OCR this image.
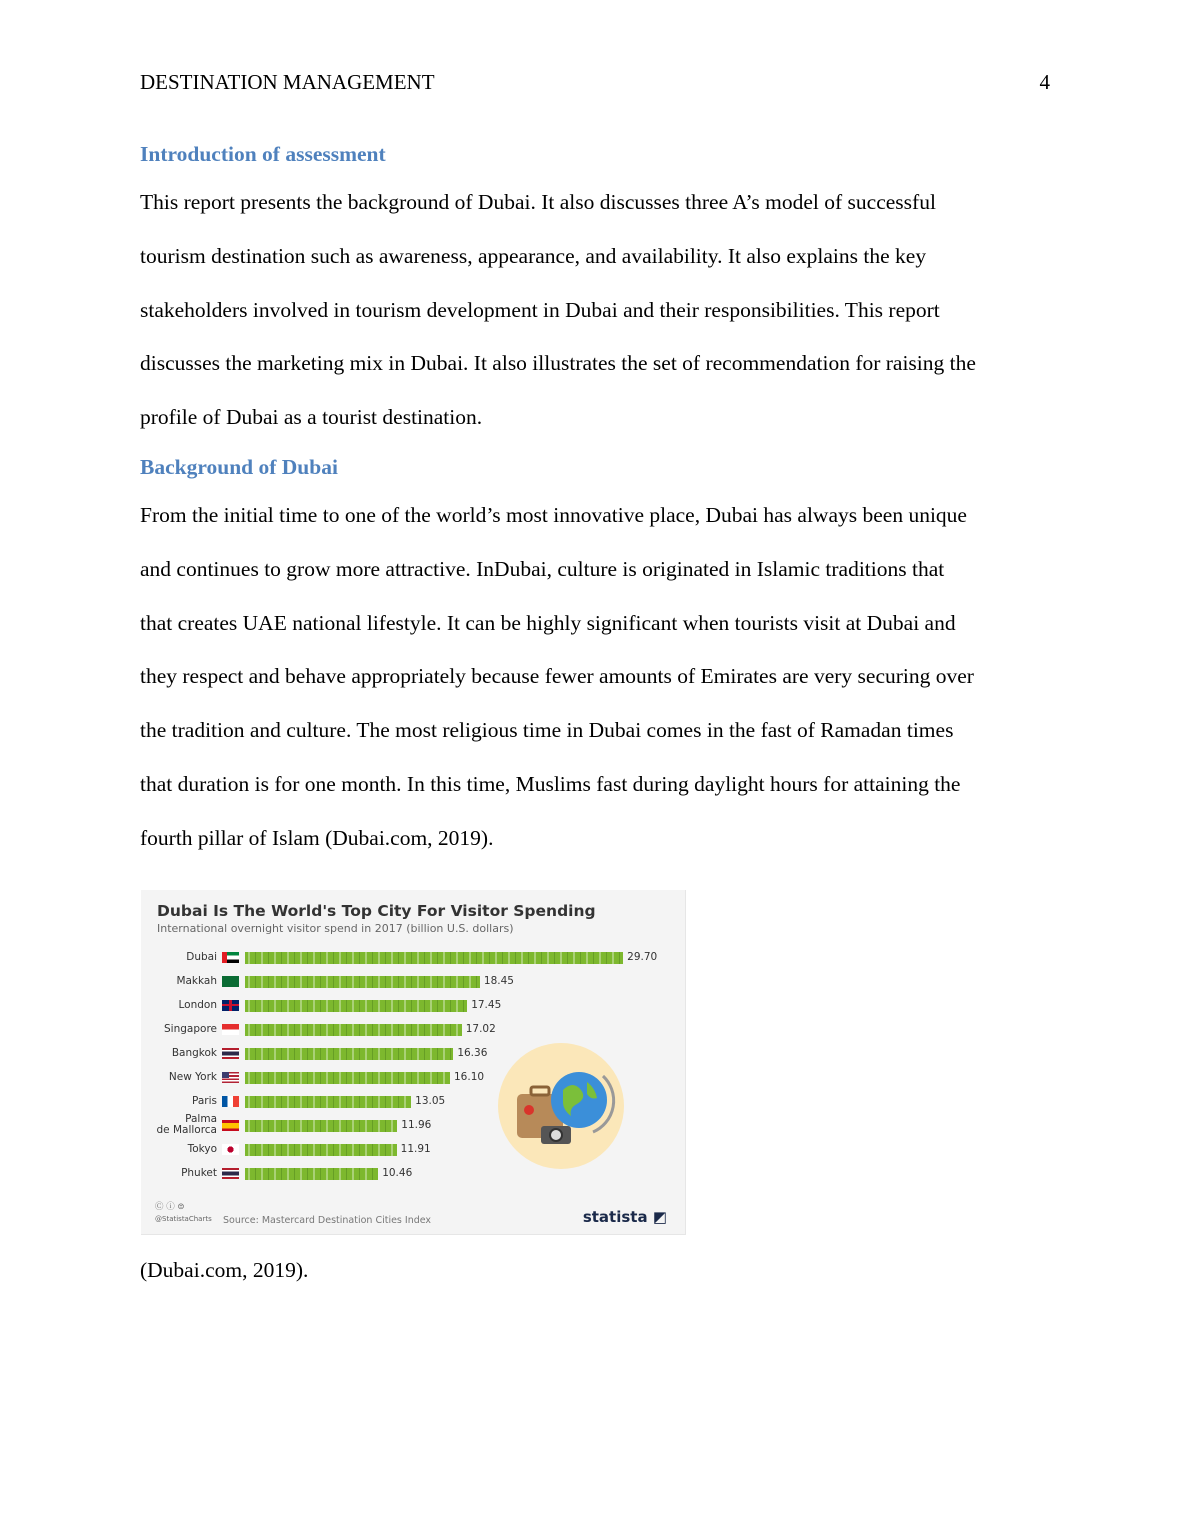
DESTINATION MANAGEMENT	4
Introduction of assessment

This report presents the background of Dubai. It also discusses three A’s model of successful

tourism destination such as awareness, appearance, and availability. It also explains the key

stakeholders involved in tourism development in Dubai and their responsibilities. This report

discusses the marketing mix in Dubai. It also illustrates the set of recommendation for raising the

profile of Dubai as a tourist destination.

Background of Dubai

From the initial time to one of the world’s most innovative place, Dubai has always been unique

and continues to grow more attractive. InDubai, culture is originated in Islamic traditions that

that creates UAE national lifestyle. It can be highly significant when tourists visit at Dubai and

they respect and behave appropriately because fewer amounts of Emirates are very securing over

the tradition and culture. The most religious time in Dubai comes in the fast of Ramadan times

that duration is for one month. In this time, Muslims fast during daylight hours for attaining the

fourth pillar of Islam (Dubai.com, 2019).

Dubai Is The World's Top City For Visitor Spending
International overnight visitor spend in 2017 (billion U.S. dollars)
Dubai	29.70
Makkah	18.45
London	17.45
Singapore	17.02
Bangkok	16.36
New York	16.10
Paris	13.05
Palma
de Mallorca	11.96
Tokyo	11.91
Phuket	10.46
Ⓒ ⓘ ⊜
@StatistaCharts Source: Mastercard Destination Cities Index	statista ◩
(Dubai.com, 2019).
